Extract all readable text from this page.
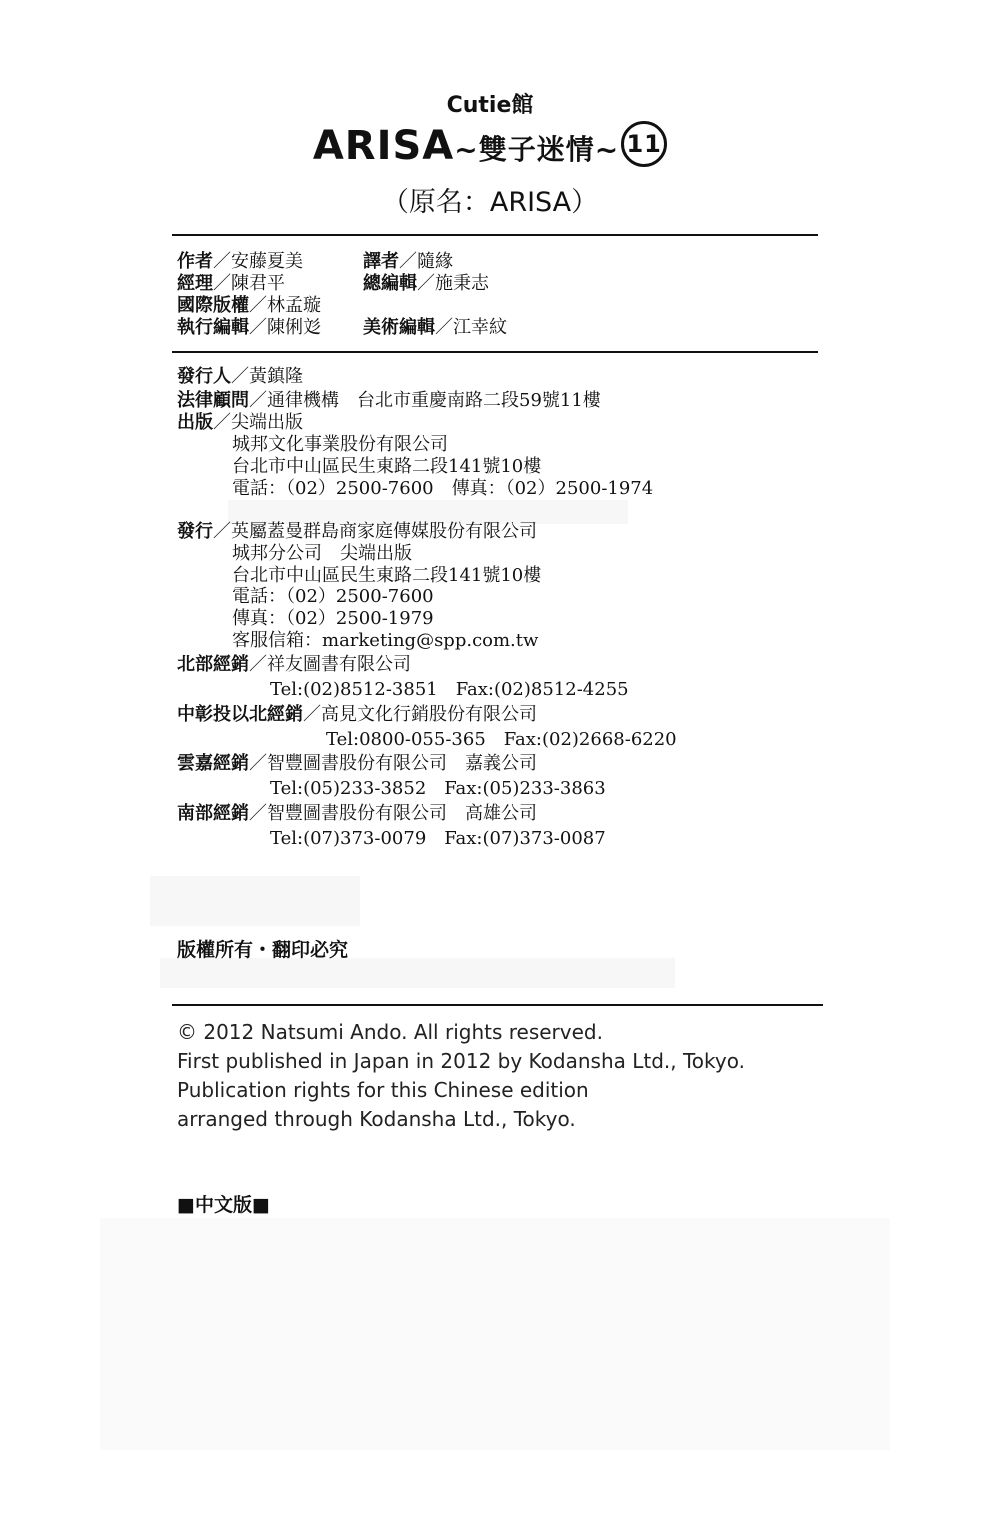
Cutie館
ARISA~雙子迷情~ 11
（原名：ARISA）
作者／安藤夏美	譯者／隨緣
經理／陳君平	總編輯／施秉志
國際版權／林孟璇
執行編輯／陳俐彣 美術編輯／江幸紋
發行人／黃鎮隆
法律顧問／通律機構　台北市重慶南路二段59號11樓
出版／尖端出版
城邦文化事業股份有限公司
台北市中山區民生東路二段141號10樓
電話：（02）2500-7600　傳真：（02）2500-1974
發行／英屬蓋曼群島商家庭傳媒股份有限公司
城邦分公司　尖端出版
台北市中山區民生東路二段141號10樓
電話：（02）2500-7600
傳真：（02）2500-1979
客服信箱：marketing@spp.com.tw
北部經銷／祥友圖書有限公司
Tel:(02)8512-3851　Fax:(02)8512-4255
中彰投以北經銷／高見文化行銷股份有限公司
Tel:0800-055-365　Fax:(02)2668-6220
雲嘉經銷／智豐圖書股份有限公司　嘉義公司
Tel:(05)233-3852　Fax:(05)233-3863
南部經銷／智豐圖書股份有限公司　高雄公司
Tel:(07)373-0079　Fax:(07)373-0087
版權所有・翻印必究
© 2012 Natsumi Ando. All rights reserved.
First published in Japan in 2012 by Kodansha Ltd., Tokyo.
Publication rights for this Chinese edition
arranged through Kodansha Ltd., Tokyo.
■中文版■
